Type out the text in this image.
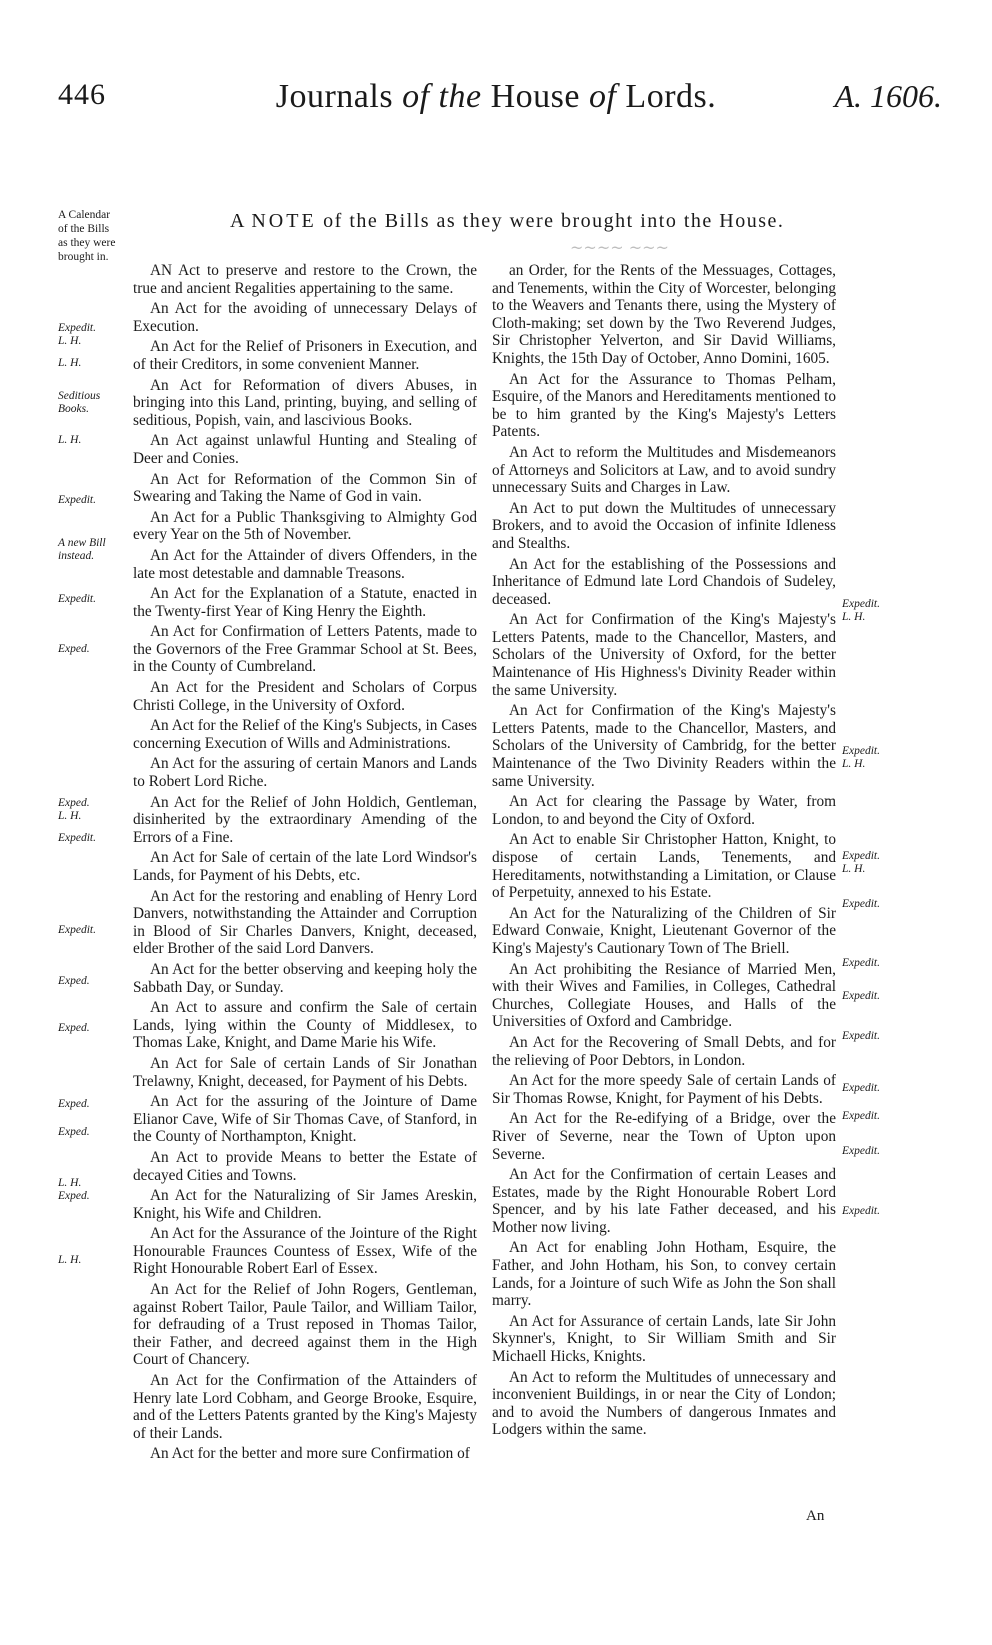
446	Journals of the House of Lords.	A. 1606.
A Calendar of the Bills as they were brought in.
A NOTE of the Bills as they were brought into the House.
~~~~ ~~~

AN Act to preserve and restore to the Crown, the true and ancient Regalities appertaining to the same.

An Act for the avoiding of unnecessary Delays of Execution.

An Act for the Relief of Prisoners in Execution, and of their Creditors, in some convenient Manner.

An Act for Reformation of divers Abuses, in bringing into this Land, printing, buying, and selling of seditious, Popish, vain, and lascivious Books.

An Act against unlawful Hunting and Stealing of Deer and Conies.

An Act for Reformation of the Common Sin of Swearing and Taking the Name of God in vain.

An Act for a Public Thanksgiving to Almighty God every Year on the 5th of November.

An Act for the Attainder of divers Offenders, in the late most detestable and damnable Treasons.

An Act for the Explanation of a Statute, enacted in the Twenty-first Year of King Henry the Eighth.

An Act for Confirmation of Letters Patents, made to the Governors of the Free Grammar School at St. Bees, in the County of Cumbreland.

An Act for the President and Scholars of Corpus Christi College, in the University of Oxford.

An Act for the Relief of the King's Subjects, in Cases concerning Execution of Wills and Administrations.

An Act for the assuring of certain Manors and Lands to Robert Lord Riche.

An Act for the Relief of John Holdich, Gentleman, disinherited by the extraordinary Amending of the Errors of a Fine.

An Act for Sale of certain of the late Lord Windsor's Lands, for Payment of his Debts, etc.

An Act for the restoring and enabling of Henry Lord Danvers, notwithstanding the Attainder and Corruption in Blood of Sir Charles Danvers, Knight, deceased, elder Brother of the said Lord Danvers.

An Act for the better observing and keeping holy the Sabbath Day, or Sunday.

An Act to assure and confirm the Sale of certain Lands, lying within the County of Middlesex, to Thomas Lake, Knight, and Dame Marie his Wife.

An Act for Sale of certain Lands of Sir Jonathan Trelawny, Knight, deceased, for Payment of his Debts.

An Act for the assuring of the Jointure of Dame Elianor Cave, Wife of Sir Thomas Cave, of Stanford, in the County of Northampton, Knight.

An Act to provide Means to better the Estate of decayed Cities and Towns.

An Act for the Naturalizing of Sir James Areskin, Knight, his Wife and Children.

An Act for the Assurance of the Jointure of the Right Honourable Fraunces Countess of Essex, Wife of the Right Honourable Robert Earl of Essex.

An Act for the Relief of John Rogers, Gentleman, against Robert Tailor, Paule Tailor, and William Tailor, for defrauding of a Trust reposed in Thomas Tailor, their Father, and decreed against them in the High Court of Chancery.

An Act for the Confirmation of the Attainders of Henry late Lord Cobham, and George Brooke, Esquire, and of the Letters Patents granted by the King's Majesty of their Lands.

An Act for the better and more sure Confirmation of

an Order, for the Rents of the Messuages, Cottages, and Tenements, within the City of Worcester, belonging to the Weavers and Tenants there, using the Mystery of Cloth-making; set down by the Two Reverend Judges, Sir Christopher Yelverton, and Sir David Williams, Knights, the 15th Day of October, Anno Domini, 1605.

An Act for the Assurance to Thomas Pelham, Esquire, of the Manors and Hereditaments mentioned to be to him granted by the King's Majesty's Letters Patents.

An Act to reform the Multitudes and Misdemeanors of Attorneys and Solicitors at Law, and to avoid sundry unnecessary Suits and Charges in Law.

An Act to put down the Multitudes of unnecessary Brokers, and to avoid the Occasion of infinite Idleness and Stealths.

An Act for the establishing of the Possessions and Inheritance of Edmund late Lord Chandois of Sudeley, deceased.

An Act for Confirmation of the King's Majesty's Letters Patents, made to the Chancellor, Masters, and Scholars of the University of Oxford, for the better Maintenance of His Highness's Divinity Reader within the same University.

An Act for Confirmation of the King's Majesty's Letters Patents, made to the Chancellor, Masters, and Scholars of the University of Cambridg, for the better Maintenance of the Two Divinity Readers within the same University.

An Act for clearing the Passage by Water, from London, to and beyond the City of Oxford.

An Act to enable Sir Christopher Hatton, Knight, to dispose of certain Lands, Tenements, and Hereditaments, notwithstanding a Limitation, or Clause of Perpetuity, annexed to his Estate.

An Act for the Naturalizing of the Children of Sir Edward Conwaie, Knight, Lieutenant Governor of the King's Majesty's Cautionary Town of The Briell.

An Act prohibiting the Resiance of Married Men, with their Wives and Families, in Colleges, Cathedral Churches, Collegiate Houses, and Halls of the Universities of Oxford and Cambridge.

An Act for the Recovering of Small Debts, and for the relieving of Poor Debtors, in London.

An Act for the more speedy Sale of certain Lands of Sir Thomas Rowse, Knight, for Payment of his Debts.

An Act for the Re-edifying of a Bridge, over the River of Severne, near the Town of Upton upon Severne.

An Act for the Confirmation of certain Leases and Estates, made by the Right Honourable Robert Lord Spencer, and by his late Father deceased, and his Mother now living.

An Act for enabling John Hotham, Esquire, the Father, and John Hotham, his Son, to convey certain Lands, for a Jointure of such Wife as John the Son shall marry.

An Act for Assurance of certain Lands, late Sir John Skynner's, Knight, to Sir William Smith and Sir Michaell Hicks, Knights.

An Act to reform the Multitudes of unnecessary and inconvenient Buildings, in or near the City of London; and to avoid the Numbers of dangerous Inmates and Lodgers within the same.

Expedit.
L. H.
L. H.
Seditious
Books.
L. H.
Expedit.
A new Bill
instead.
Expedit.
Exped.
Exped.
L. H.
Expedit.
Expedit.
Exped.
Exped.
Exped.
Exped.
L. H.
Exped.
L. H.
Expedit.
L. H.
Expedit.
L. H.
Expedit.
L. H.
Expedit.
Expedit.
Expedit.
Expedit.
Expedit.
Expedit.
Expedit.
Expedit.
An
